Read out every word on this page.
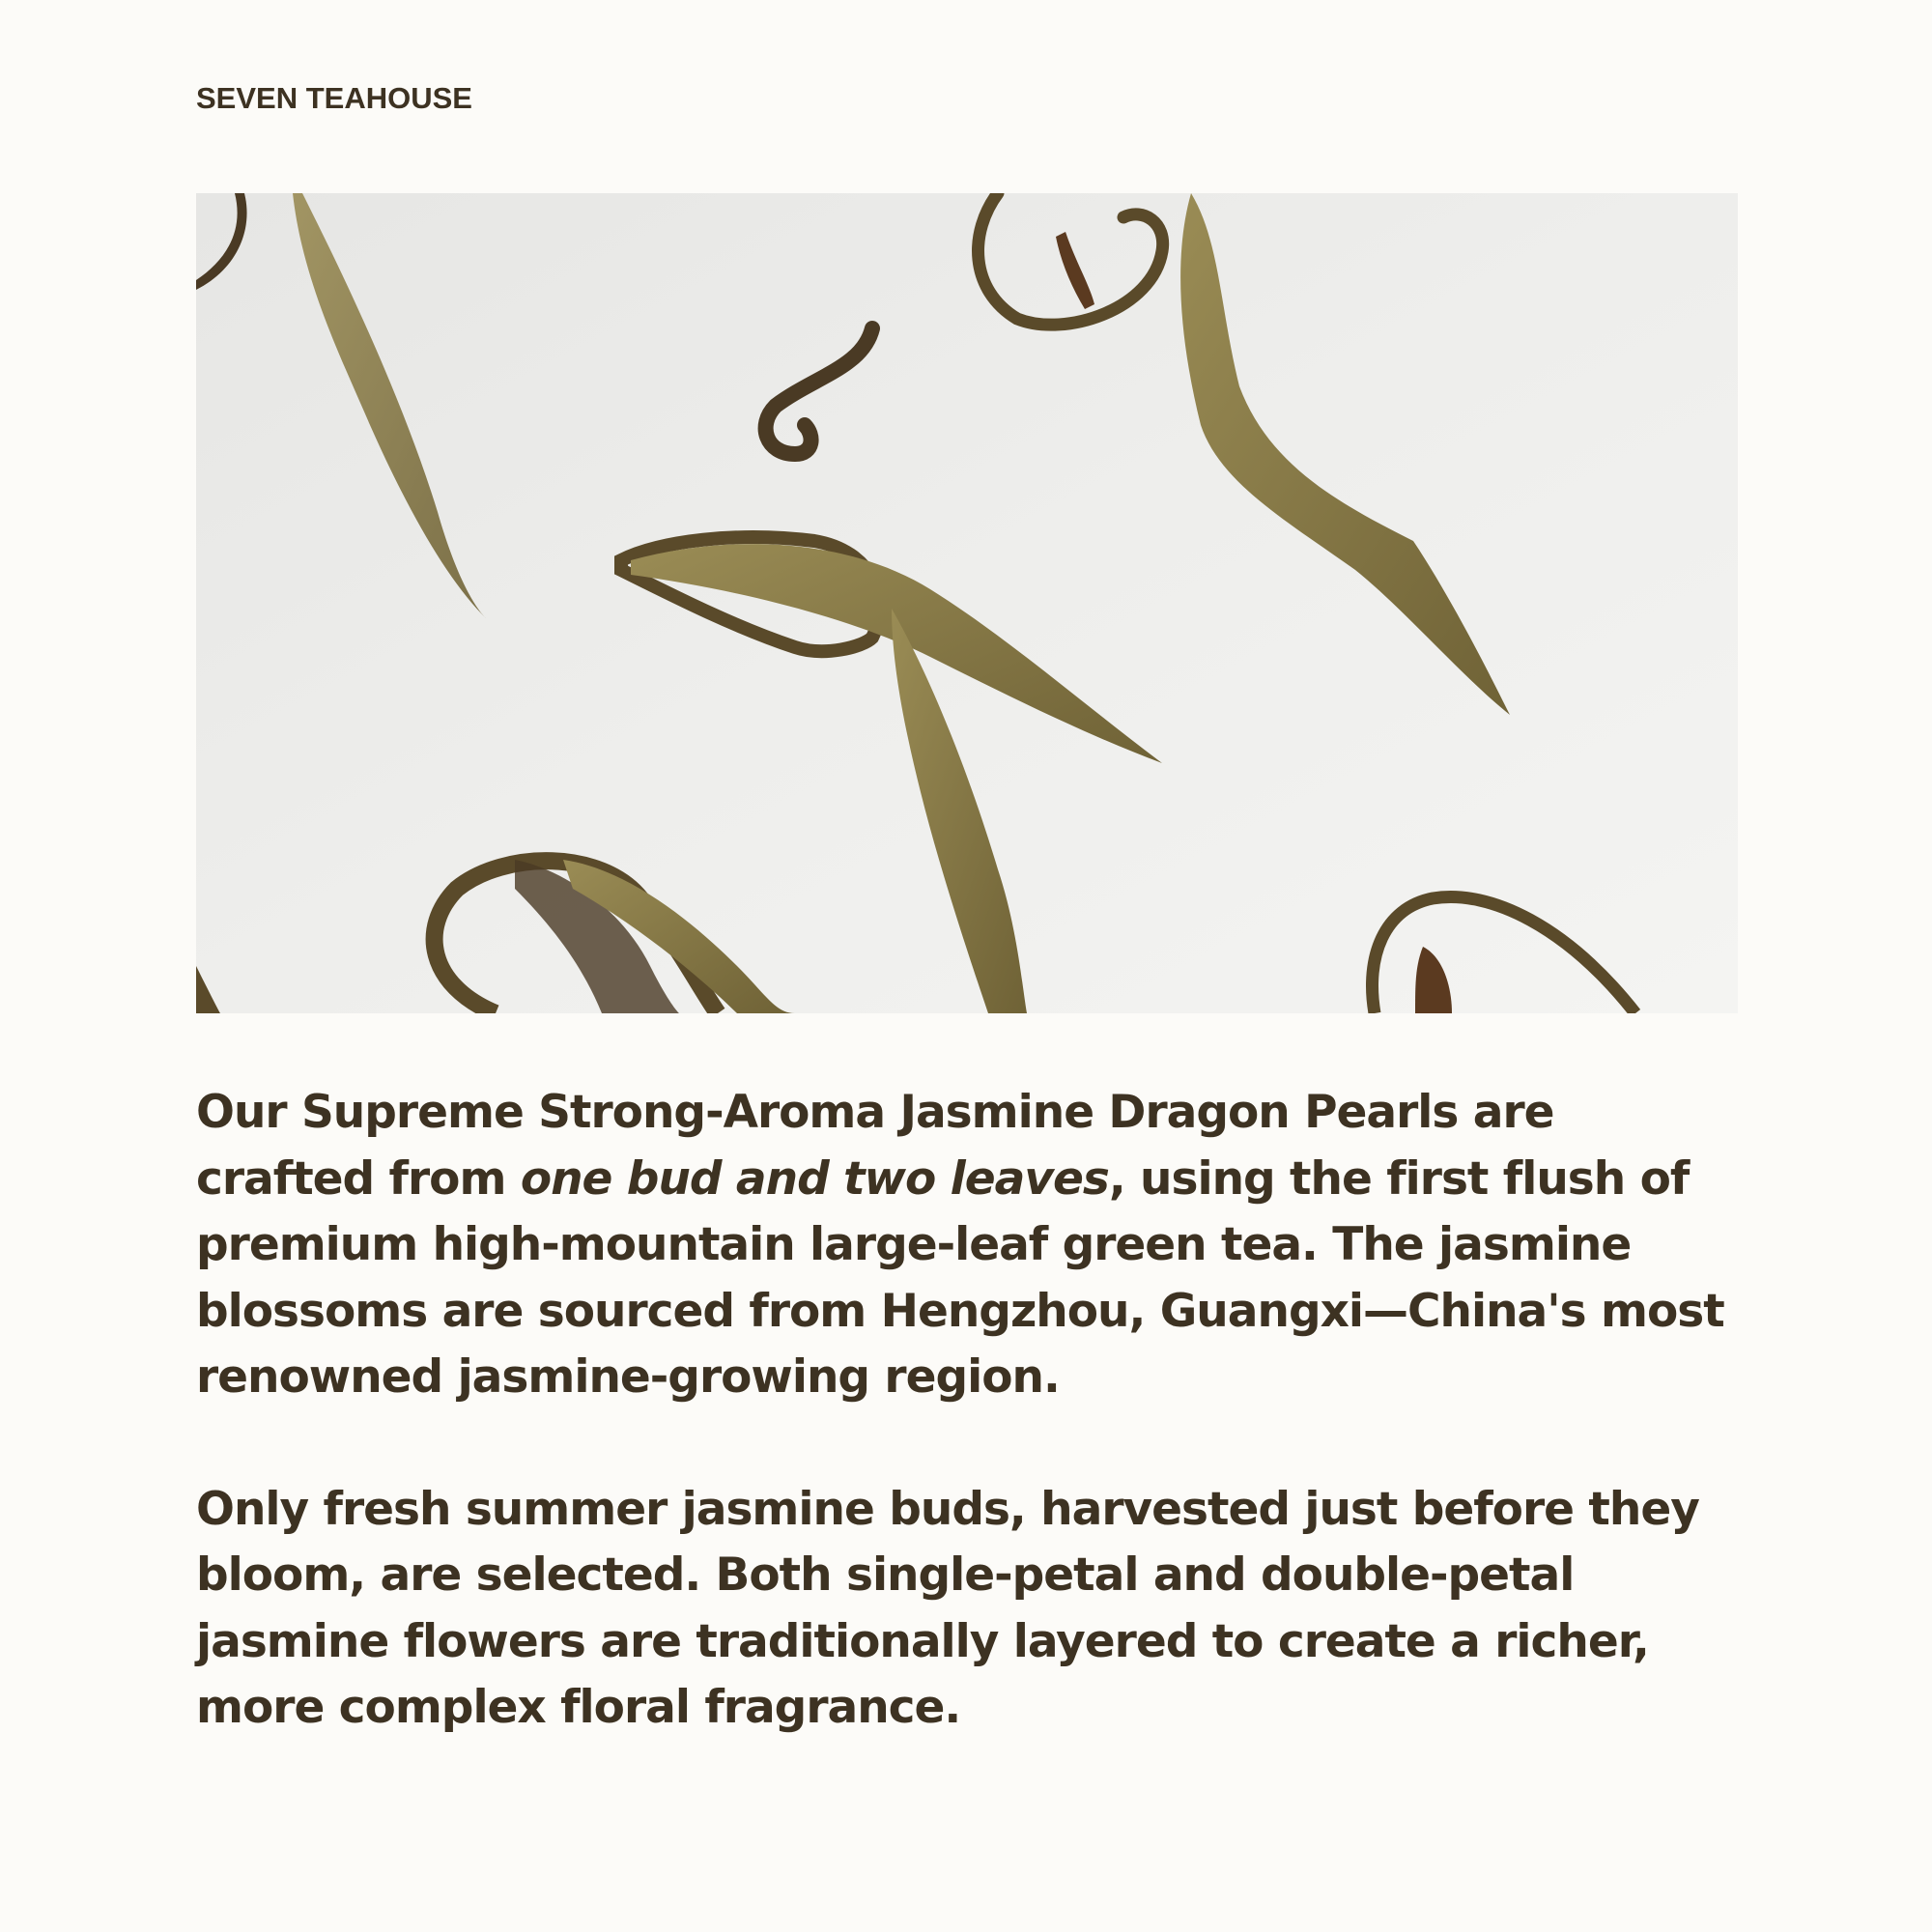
SEVEN TEAHOUSE

Our Supreme Strong-Aroma Jasmine Dragon Pearls are crafted from one bud and two leaves, using the first flush of premium high-mountain large-leaf green tea. The jasmine blossoms are sourced from Hengzhou, Guangxi—China's most renowned jasmine-growing region.

Only fresh summer jasmine buds, harvested just before they bloom, are selected. Both single-petal and double-petal jasmine flowers are traditionally layered to create a richer, more complex floral fragrance.
